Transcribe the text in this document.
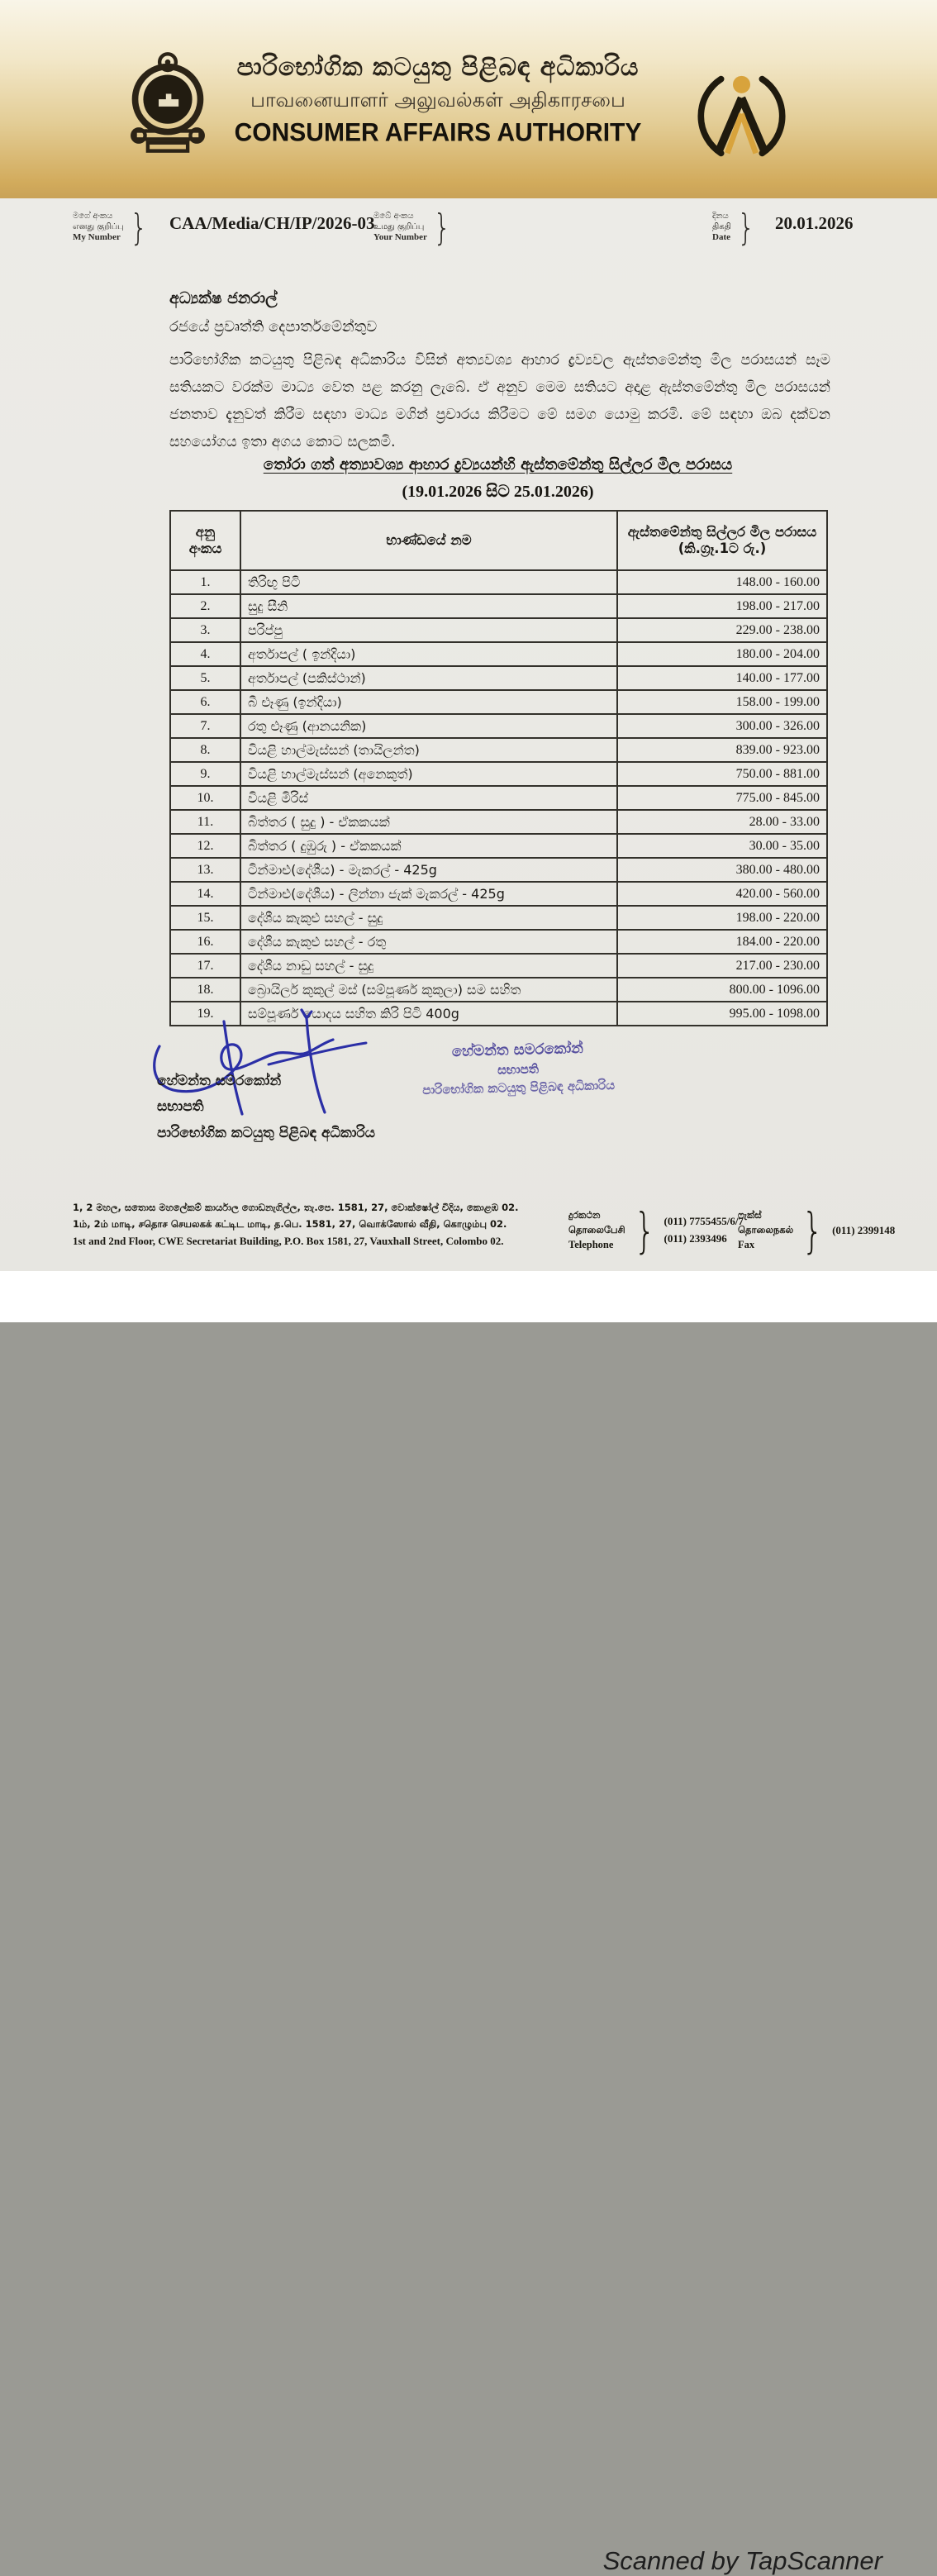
පාරිභෝගික කටයුතු පිළිබඳ අධිකාරිය
பாவனையாளர் அலுவல்கள் அதிகாரசபை
CONSUMER AFFAIRS AUTHORITY
මගේ අංකය
எனது குறிப்பு
My Number } CAA/Media/CH/IP/2026-03
ඔබේ අංකය
உமது குறிப்பு
Your Number }	දිනය
திகதி
Date } 20.01.2026
අධ්‍යක්ෂ ජනරාල්
රජයේ ප්‍රවෘත්ති දෙපාර්තමේන්තුව
පාරිභෝගික කටයුතු පිළිබඳ අධිකාරිය විසින් අත්‍යවශ්‍ය ආහාර ද්‍රව්‍යවල ඇස්තමේන්තු මිල පරාසයන් සෑම සතියකට වරක්ම මාධ්‍ය වෙත පළ කරනු ලැබේ. ඒ අනුව මෙම සතියට අදාළ ඇස්තමේන්තු මිල පරාසයන් ජනතාව දැනුවත් කිරීම සඳහා මාධ්‍ය මගින් ප්‍රචාරය කිරීමට මේ සමග යොමු කරමි. මේ සඳහා ඔබ දක්වන සහයෝගය ඉතා අගය කොට සලකමි.
තෝරා ගත් අත්‍යාවශ්‍ය ආහාර ද්‍රව්‍යයන්හි ඇස්තමේන්තු සිල්ලර මිල පරාසය
(19.01.2026 සිට 25.01.2026)
අනු අංකය	භාණ්ඩයේ නම	ඇස්තමේන්තු සිල්ලර මිල පරාසය (කි.ග්‍රෑ.1ට රු.)
1.	තිරිඟු පිටි	148.00 - 160.00
2.	සුදු සීනි	198.00 - 217.00
3.	පරිප්පු	229.00 - 238.00
4.	අර්තාපල් ( ඉන්දියා)	180.00 - 204.00
5.	අර්තාපල් (පකිස්ථාන්)	140.00 - 177.00
6.	බී ළූණු (ඉන්දියා)	158.00 - 199.00
7.	රතු ළූණු (ආනයනික)	300.00 - 326.00
8.	වියළි හාල්මැස්සන් (තායිලන්ත)	839.00 - 923.00
9.	වියළි හාල්මැස්සන් (අනෙකුත්)	750.00 - 881.00
10.	වියළි මිරිස්	775.00 - 845.00
11.	බිත්තර ( සුදු ) - ඒකකයක්	28.00 - 33.00
12.	බිත්තර ( දුඹුරු ) - ඒකකයක්	30.00 - 35.00
13.	ටින්මාළු(දේශීය) - මැකරල් - 425g	380.00 - 480.00
14.	ටින්මාළු(දේශීය) - ලින්නා ජැක් මැකරල් - 425g	420.00 - 560.00
15.	දේශීය කැකුළු සහල් - සුදු	198.00 - 220.00
16.	දේශීය කැකුළු සහල් - රතු	184.00 - 220.00
17.	දේශීය නාඩු සහල් - සුදු	217.00 - 230.00
18.	බ්‍රොයිලර් කුකුල් මස් (සම්පූර්ණ කුකුලා) සම සහිත	800.00 - 1096.00
19.	සම්පූර්ණ යොදය සහිත කිරි පිටි 400g	995.00 - 1098.00
හේමන්ත සමරකෝන්
සභාපති
පාරිභෝගික කටයුතු පිළිබඳ අධිකාරිය
හේමන්ත සමරකෝන්
සභාපති
පාරිභෝගික කටයුතු පිළිබඳ අධිකාරිය
1, 2 මහල, සතොස මහලේකම් කාර්යාල ගොඩනැගිල්ල, තැ.පෙ. 1581, 27, වොක්ෂෝල් වීදිය, කොළඹ 02.
1ம், 2ம் மாடி, சதொச செயலகக் கட்டிட மாடி, த.பெ. 1581, 27, வொக்ஸோல் வீதி, கொழும்பு 02.
1st and 2nd Floor, CWE Secretariat Building, P.O. Box 1581, 27, Vauxhall Street, Colombo 02.
දුරකථන
தொலைபேசி
Telephone } (011) 7755455/6/7
(011) 2393496
ෆැක්ස්
தொலைநகல்
Fax } (011) 2399148
Scanned by TapScanner
